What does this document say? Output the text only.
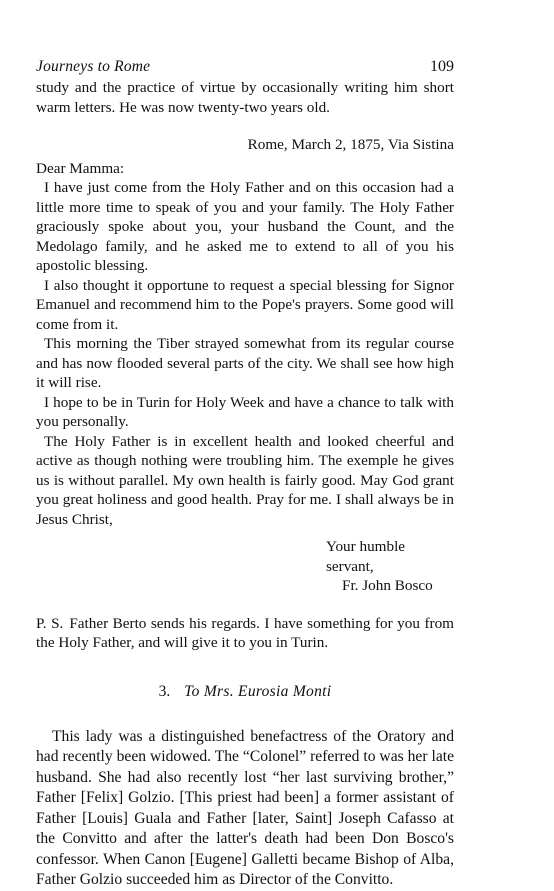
Journeys to Rome	109

study and the practice of virtue by occasionally writing him short warm letters. He was now twenty-two years old.

Rome, March 2, 1875, Via Sistina

Dear Mamma:

I have just come from the Holy Father and on this occasion had a little more time to speak of you and your family. The Holy Father graciously spoke about you, your husband the Count, and the Medolago family, and he asked me to extend to all of you his apostolic blessing.

I also thought it opportune to request a special blessing for Signor Emanuel and recommend him to the Pope's prayers. Some good will come from it.

This morning the Tiber strayed somewhat from its regular course and has now flooded several parts of the city. We shall see how high it will rise.

I hope to be in Turin for Holy Week and have a chance to talk with you personally.

The Holy Father is in excellent health and looked cheerful and active as though nothing were troubling him. The exemple he gives us is without parallel. My own health is fairly good. May God grant you great holiness and good health. Pray for me. I shall always be in Jesus Christ,

Your humble servant,
Fr. John Bosco

P. S. Father Berto sends his regards. I have something for you from the Holy Father, and will give it to you in Turin.

3. To Mrs. Eurosia Monti

This lady was a distinguished benefactress of the Oratory and had recently been widowed. The “Colonel” referred to was her late husband. She had also recently lost “her last surviving brother,” Father [Felix] Golzio. [This priest had been] a former assistant of Father [Louis] Guala and Father [later, Saint] Joseph Cafasso at the Convitto and after the latter's death had been Don Bosco's confessor. When Canon [Eugene] Galletti became Bishop of Alba, Father Golzio succeeded him as Director of the Convitto.
